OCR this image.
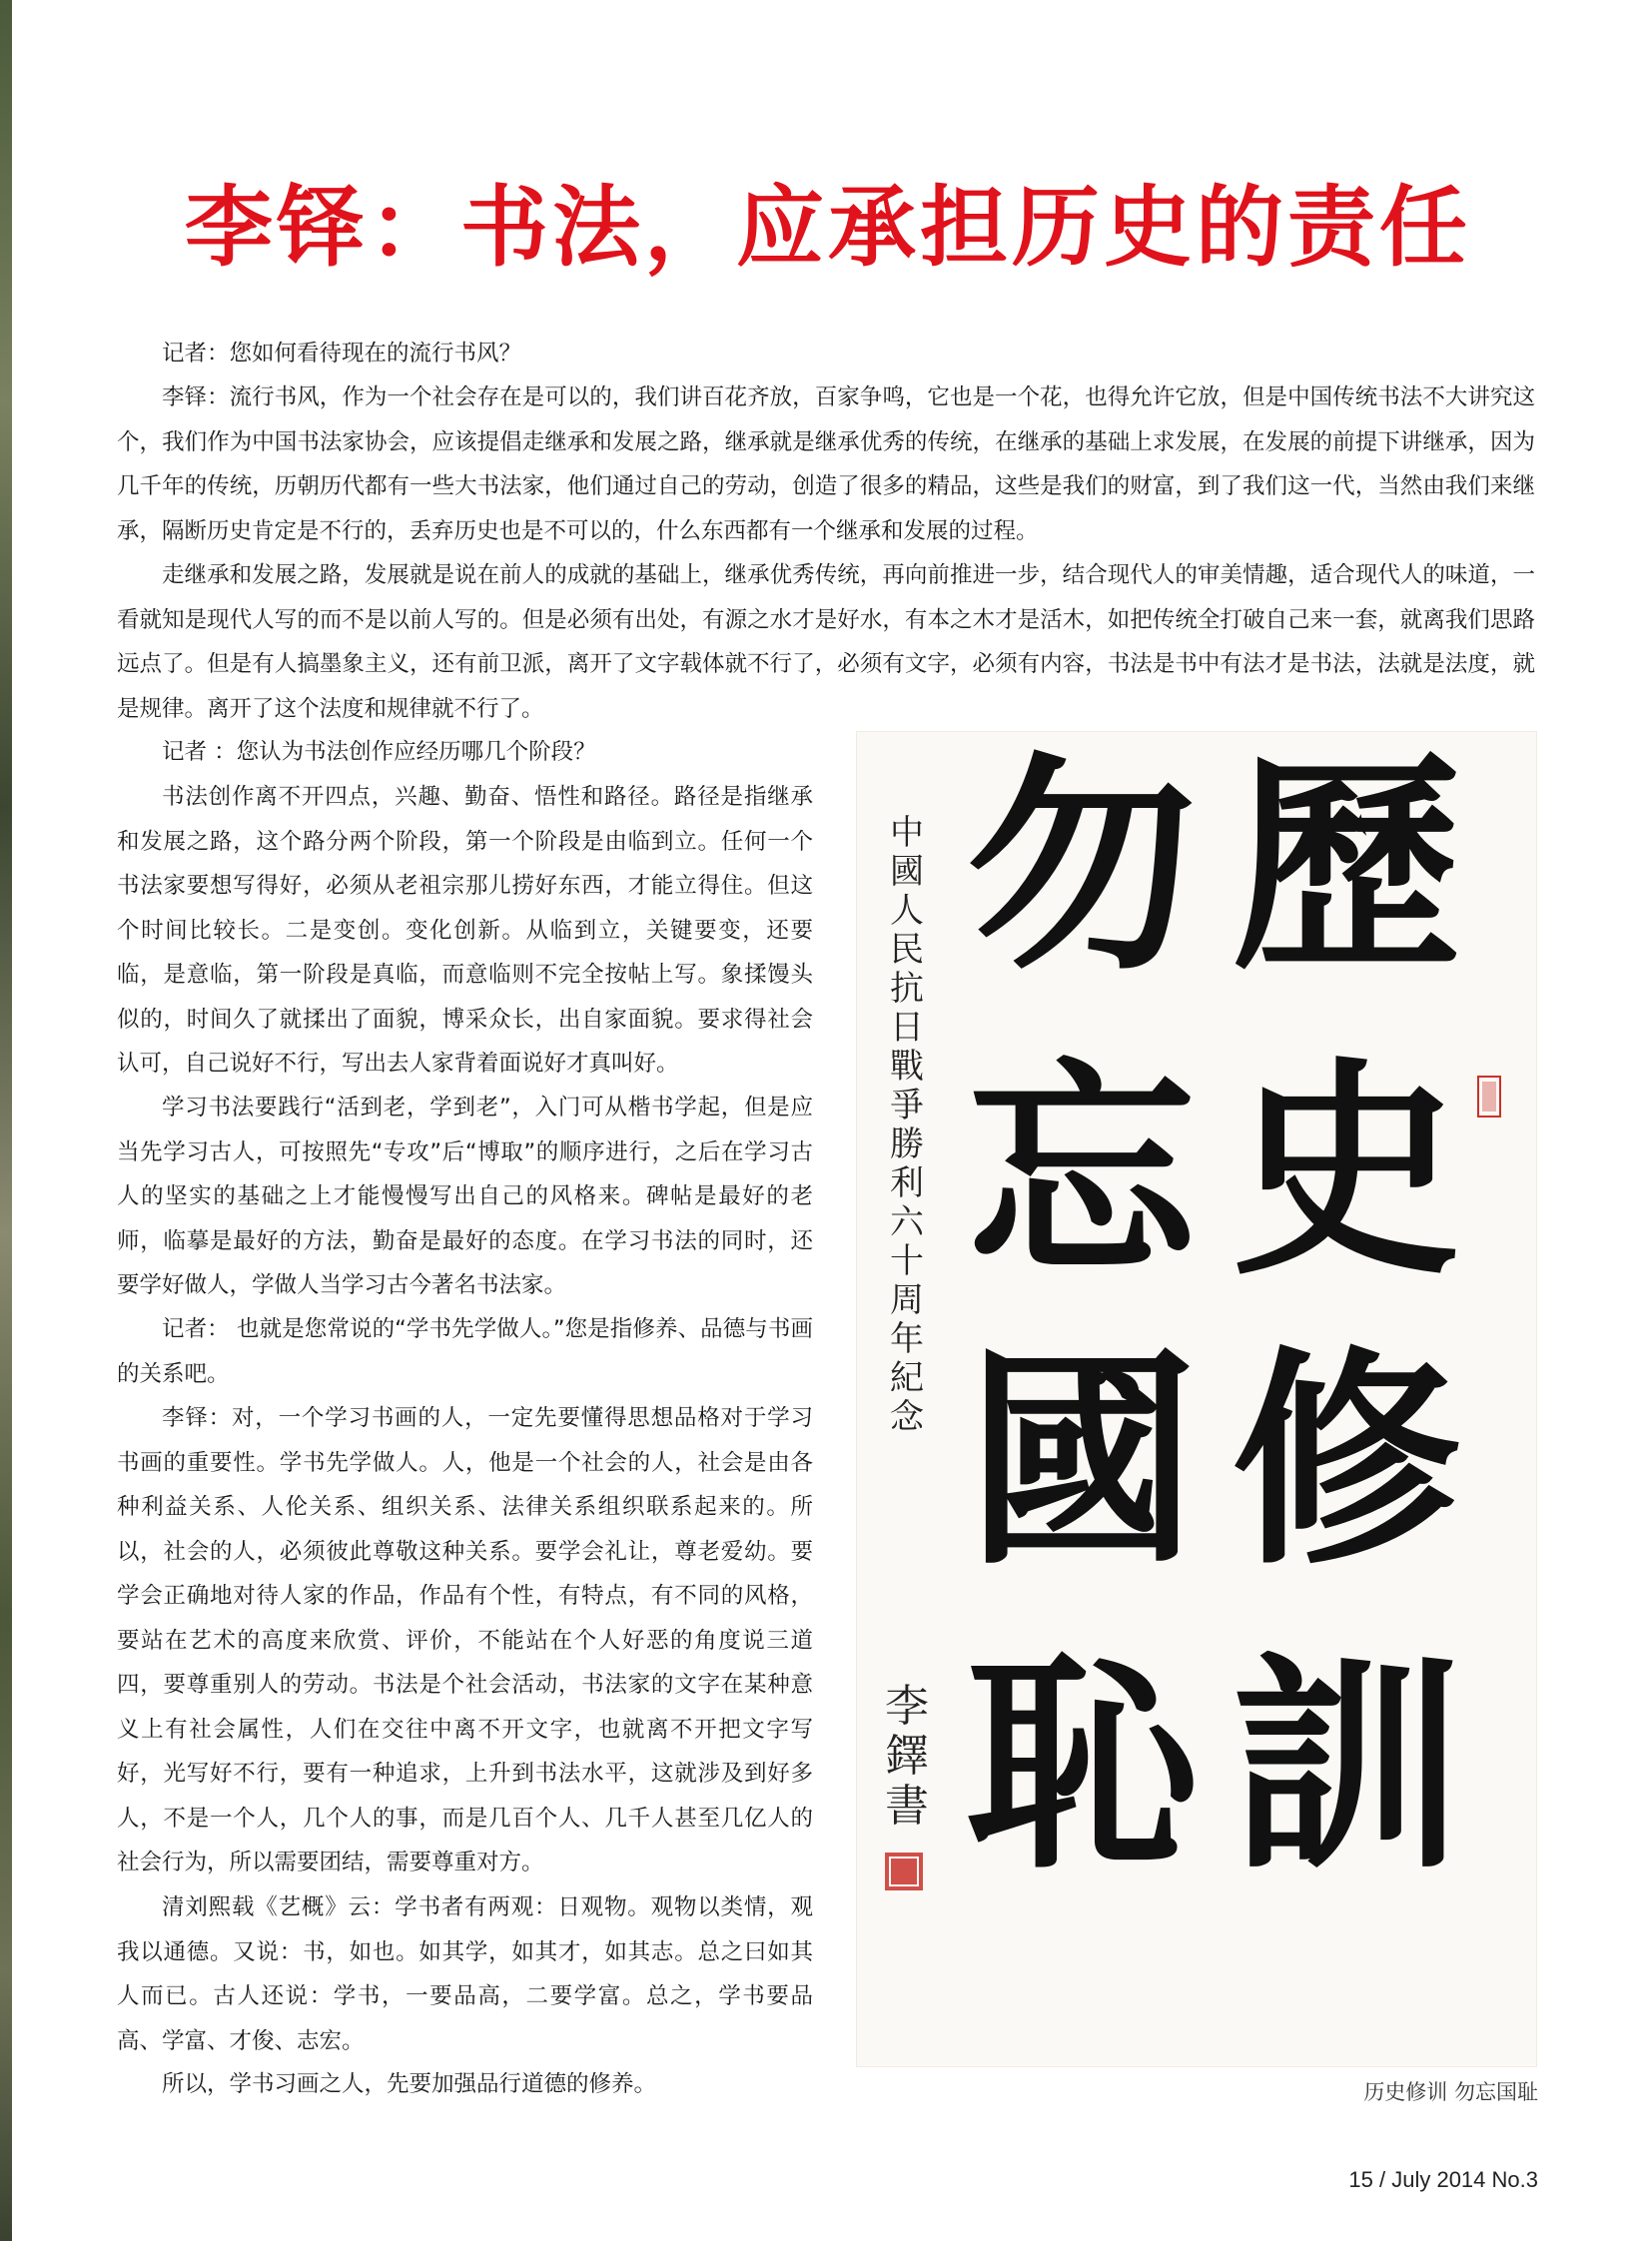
李铎：书法，应承担历史的责任

记者：您如何看待现在的流行书风？

李铎：流行书风，作为一个社会存在是可以的，我们讲百花齐放，百家争鸣，它也是一个花，也得允许它放，但是中国传统书法不大讲究这个，我们作为中国书法家协会，应该提倡走继承和发展之路，继承就是继承优秀的传统，在继承的基础上求发展，在发展的前提下讲继承，因为几千年的传统，历朝历代都有一些大书法家，他们通过自己的劳动，创造了很多的精品，这些是我们的财富，到了我们这一代，当然由我们来继承，隔断历史肯定是不行的，丢弃历史也是不可以的，什么东西都有一个继承和发展的过程。

走继承和发展之路，发展就是说在前人的成就的基础上，继承优秀传统，再向前推进一步，结合现代人的审美情趣，适合现代人的味道，一看就知是现代人写的而不是以前人写的。但是必须有出处，有源之水才是好水，有本之木才是活木，如把传统全打破自己来一套，就离我们思路远点了。但是有人搞墨象主义，还有前卫派，离开了文字载体就不行了，必须有文字，必须有内容，书法是书中有法才是书法，法就是法度，就是规律。离开了这个法度和规律就不行了。

记者 ：您认为书法创作应经历哪几个阶段？

书法创作离不开四点，兴趣、勤奋、悟性和路径。路径是指继承和发展之路，这个路分两个阶段，第一个阶段是由临到立。任何一个书法家要想写得好，必须从老祖宗那儿捞好东西，才能立得住。但这个时间比较长。二是变创。变化创新。从临到立，关键要变，还要临，是意临，第一阶段是真临，而意临则不完全按帖上写。象揉馒头似的，时间久了就揉出了面貌，博采众长，出自家面貌。要求得社会认可，自己说好不行，写出去人家背着面说好才真叫好。

学习书法要践行“活到老，学到老”，入门可从楷书学起，但是应当先学习古人，可按照先“专攻”后“博取”的顺序进行，之后在学习古人的坚实的基础之上才能慢慢写出自己的风格来。碑帖是最好的老师，临摹是最好的方法，勤奋是最好的态度。在学习书法的同时，还要学好做人，学做人当学习古今著名书法家。

记者： 也就是您常说的“学书先学做人。”您是指修养、品德与书画的关系吧。

李铎：对，一个学习书画的人，一定先要懂得思想品格对于学习书画的重要性。学书先学做人。人，他是一个社会的人，社会是由各种利益关系、人伦关系、组织关系、法律关系组织联系起来的。所以，社会的人，必须彼此尊敬这种关系。要学会礼让，尊老爱幼。要学会正确地对待人家的作品，作品有个性，有特点，有不同的风格，要站在艺术的高度来欣赏、评价，不能站在个人好恶的角度说三道四，要尊重别人的劳动。书法是个社会活动，书法家的文字在某种意义上有社会属性，人们在交往中离不开文字，也就离不开把文字写好，光写好不行，要有一种追求，上升到书法水平，这就涉及到好多人，不是一个人，几个人的事，而是几百个人、几千人甚至几亿人的社会行为，所以需要团结，需要尊重对方。

清刘熙载《艺概》云：学书者有两观：日观物。观物以类情，观我以通德。又说：书，如也。如其学，如其才，如其志。总之曰如其人而已。古人还说：学书，一要品高，二要学富。总之，学书要品高、学富、才俊、志宏。

所以，学书习画之人，先要加强品行道德的修养。

歷
史
修
訓
勿
忘
國
恥
中
國
人
民
抗
日
戰
爭
勝
利
六
十
周
年
紀
念
李
鐸
書
历史修训 勿忘国耻
15 / July 2014 No.3
